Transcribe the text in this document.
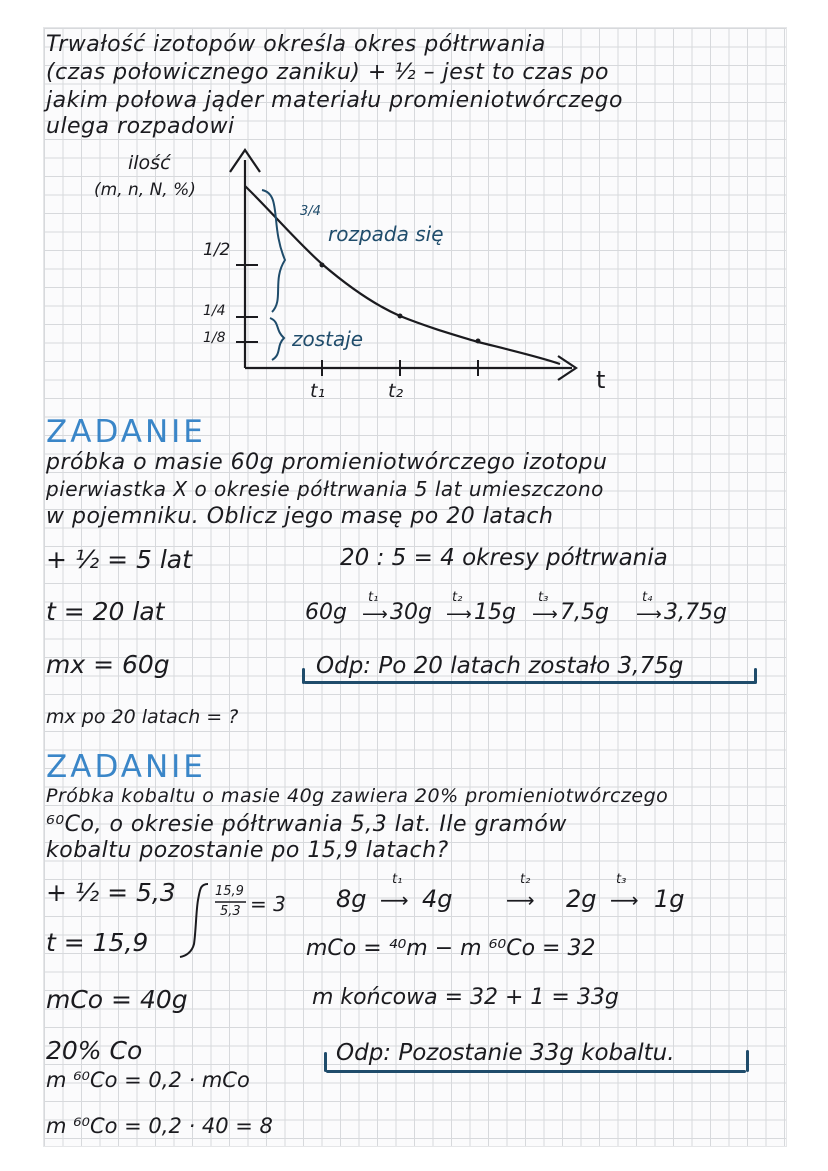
Trwałość izotopów określa okres półtrwania
(czas połowicznego zaniku) + ½ – jest to czas po
jakim połowa jąder materiału promieniotwórczego
ulega rozpadowi
ilość
(m, n, N, %)
1/2
1/4
1/8
t₁	t₂	t
3/4
rozpada się
zostaje
ZADANIE
próbka o masie 60g promieniotwórczego izotopu
pierwiastka X o okresie półtrwania 5 lat umieszczono
w pojemniku. Oblicz jego masę po 20 latach
+ ½ = 5 lat
t = 20 lat
mx = 60g
mx po 20 latach = ?
20 : 5 = 4 okresy półtrwania
60g
t₁
⟶ 30g
t₂
⟶ 15g
t₃
⟶ 7,5g
t₄
⟶ 3,75g
Odp: Po 20 latach zostało 3,75g
ZADANIE
Próbka kobaltu o masie 40g zawiera 20% promieniotwórczego
⁶⁰Co, o okresie półtrwania 5,3 lat. Ile gramów
kobaltu pozostanie po 15,9 latach?
+ ½ = 5,3	15,9
5,3 = 3
t = 15,9
mCo = 40g
20% Co
m ⁶⁰Co = 0,2 · mCo
m ⁶⁰Co = 0,2 · 40 = 8
8g
t₁
⟶ 4g
t₂
⟶ 2g
t₃
⟶ 1g
mCo = ⁴⁰m − m ⁶⁰Co = 32
m końcowa = 32 + 1 = 33g
Odp: Pozostanie 33g kobaltu.
